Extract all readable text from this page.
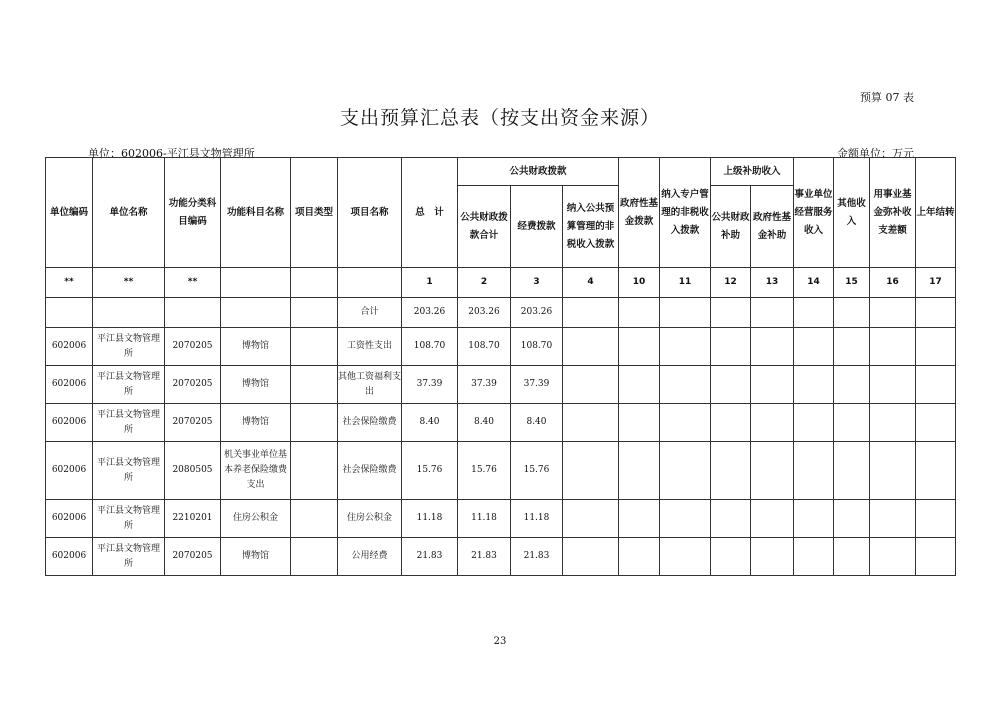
预算 07 表
支出预算汇总表（按支出资金来源）
单位：602006-平江县文物管理所	金额单位：万元
单位编码	单位名称	功能分类科目编码	功能科目名称	项目类型	项目名称	总　计	公共财政拨款			政府性基金拨款	纳入专户管理的非税收入拨款	上级补助收入		事业单位经营服务收入	其他收入	用事业基金弥补收支差额	上年结转
							公共财政拨款合计	经费拨款	纳入公共预算管理的非税收入拨款			公共财政补助	政府性基金补助				
**	**	**				1	2	3	4	10	11	12	13	14	15	16	17
					合计	203.26	203.26	203.26									
602006	平江县文物管理所	2070205	博物馆		工资性支出	108.70	108.70	108.70									
602006	平江县文物管理所	2070205	博物馆		其他工资福利支出	37.39	37.39	37.39									
602006	平江县文物管理所	2070205	博物馆		社会保险缴费	8.40	8.40	8.40									
602006	平江县文物管理所	2080505	机关事业单位基本养老保险缴费支出		社会保险缴费	15.76	15.76	15.76									
602006	平江县文物管理所	2210201	住房公积金		住房公积金	11.18	11.18	11.18									
602006	平江县文物管理所	2070205	博物馆		公用经费	21.83	21.83	21.83									
23
